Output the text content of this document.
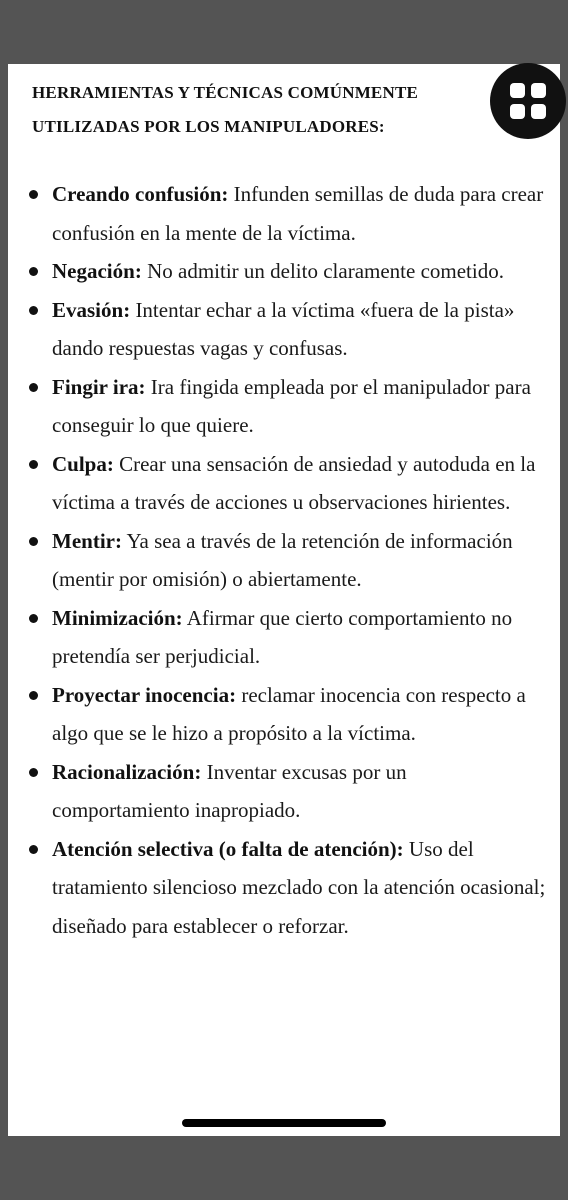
HERRAMIENTAS Y TÉCNICAS COMÚNMENTE
UTILIZADAS POR LOS MANIPULADORES:
Creando confusión: Infunden semillas de duda para crear confusión en la mente de la víctima.
Negación: No admitir un delito claramente cometido.
Evasión: Intentar echar a la víctima «fuera de la pista» dando respuestas vagas y confusas.
Fingir ira: Ira fingida empleada por el manipulador para conseguir lo que quiere.
Culpa: Crear una sensación de ansiedad y autoduda en la víctima a través de acciones u observaciones hirientes.
Mentir: Ya sea a través de la retención de información (mentir por omisión) o abiertamente.
Minimización: Afirmar que cierto comportamiento no pretendía ser perjudicial.
Proyectar inocencia: reclamar inocencia con respecto a algo que se le hizo a propósito a la víctima.
Racionalización: Inventar excusas por un comportamiento inapropiado.
Atención selectiva (o falta de atención): Uso del tratamiento silencioso mezclado con la atención ocasional; diseñado para establecer o reforzar.
